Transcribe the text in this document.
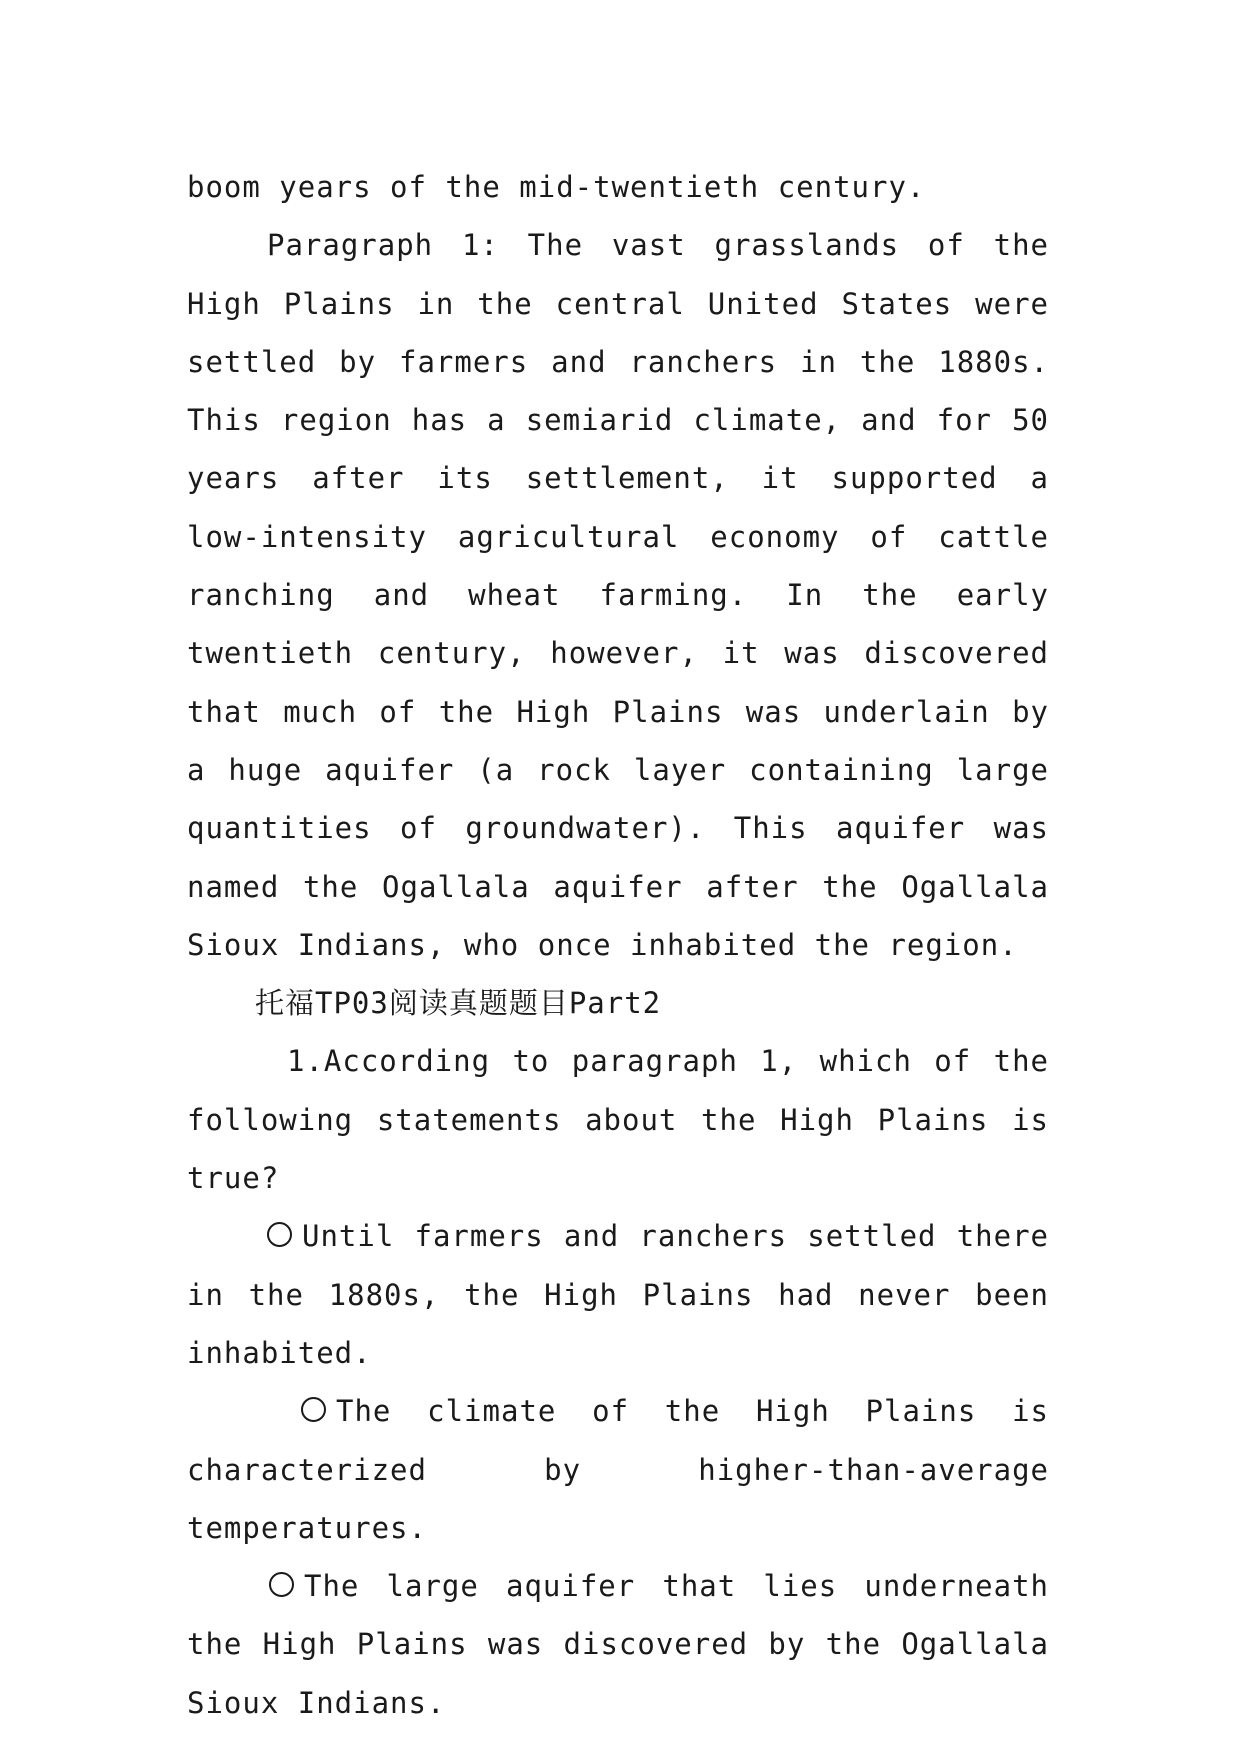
boom years of the mid-twentieth century.

Paragraph 1: The vast grasslands of the High Plains in the central United States were settled by farmers and ranchers in the 1880s. This region has a semiarid climate, and for 50 years after its settlement, it supported a low-intensity agricultural economy of cattle ranching and wheat farming. In the early twentieth century, however, it was discovered that much of the High Plains was underlain by a huge aquifer (a rock layer containing large quantities of groundwater). This aquifer was named the Ogallala aquifer after the Ogallala Sioux Indians, who once inhabited the region.

托福TP03阅读真题题目Part2

1.According to paragraph 1, which of the following statements about the High Plains is true?

Until farmers and ranchers settled there in the 1880s, the High Plains had never been inhabited.

The climate of the High Plains is characterized by higher-than-average temperatures.

The large aquifer that lies underneath the High Plains was discovered by the Ogallala Sioux Indians.
